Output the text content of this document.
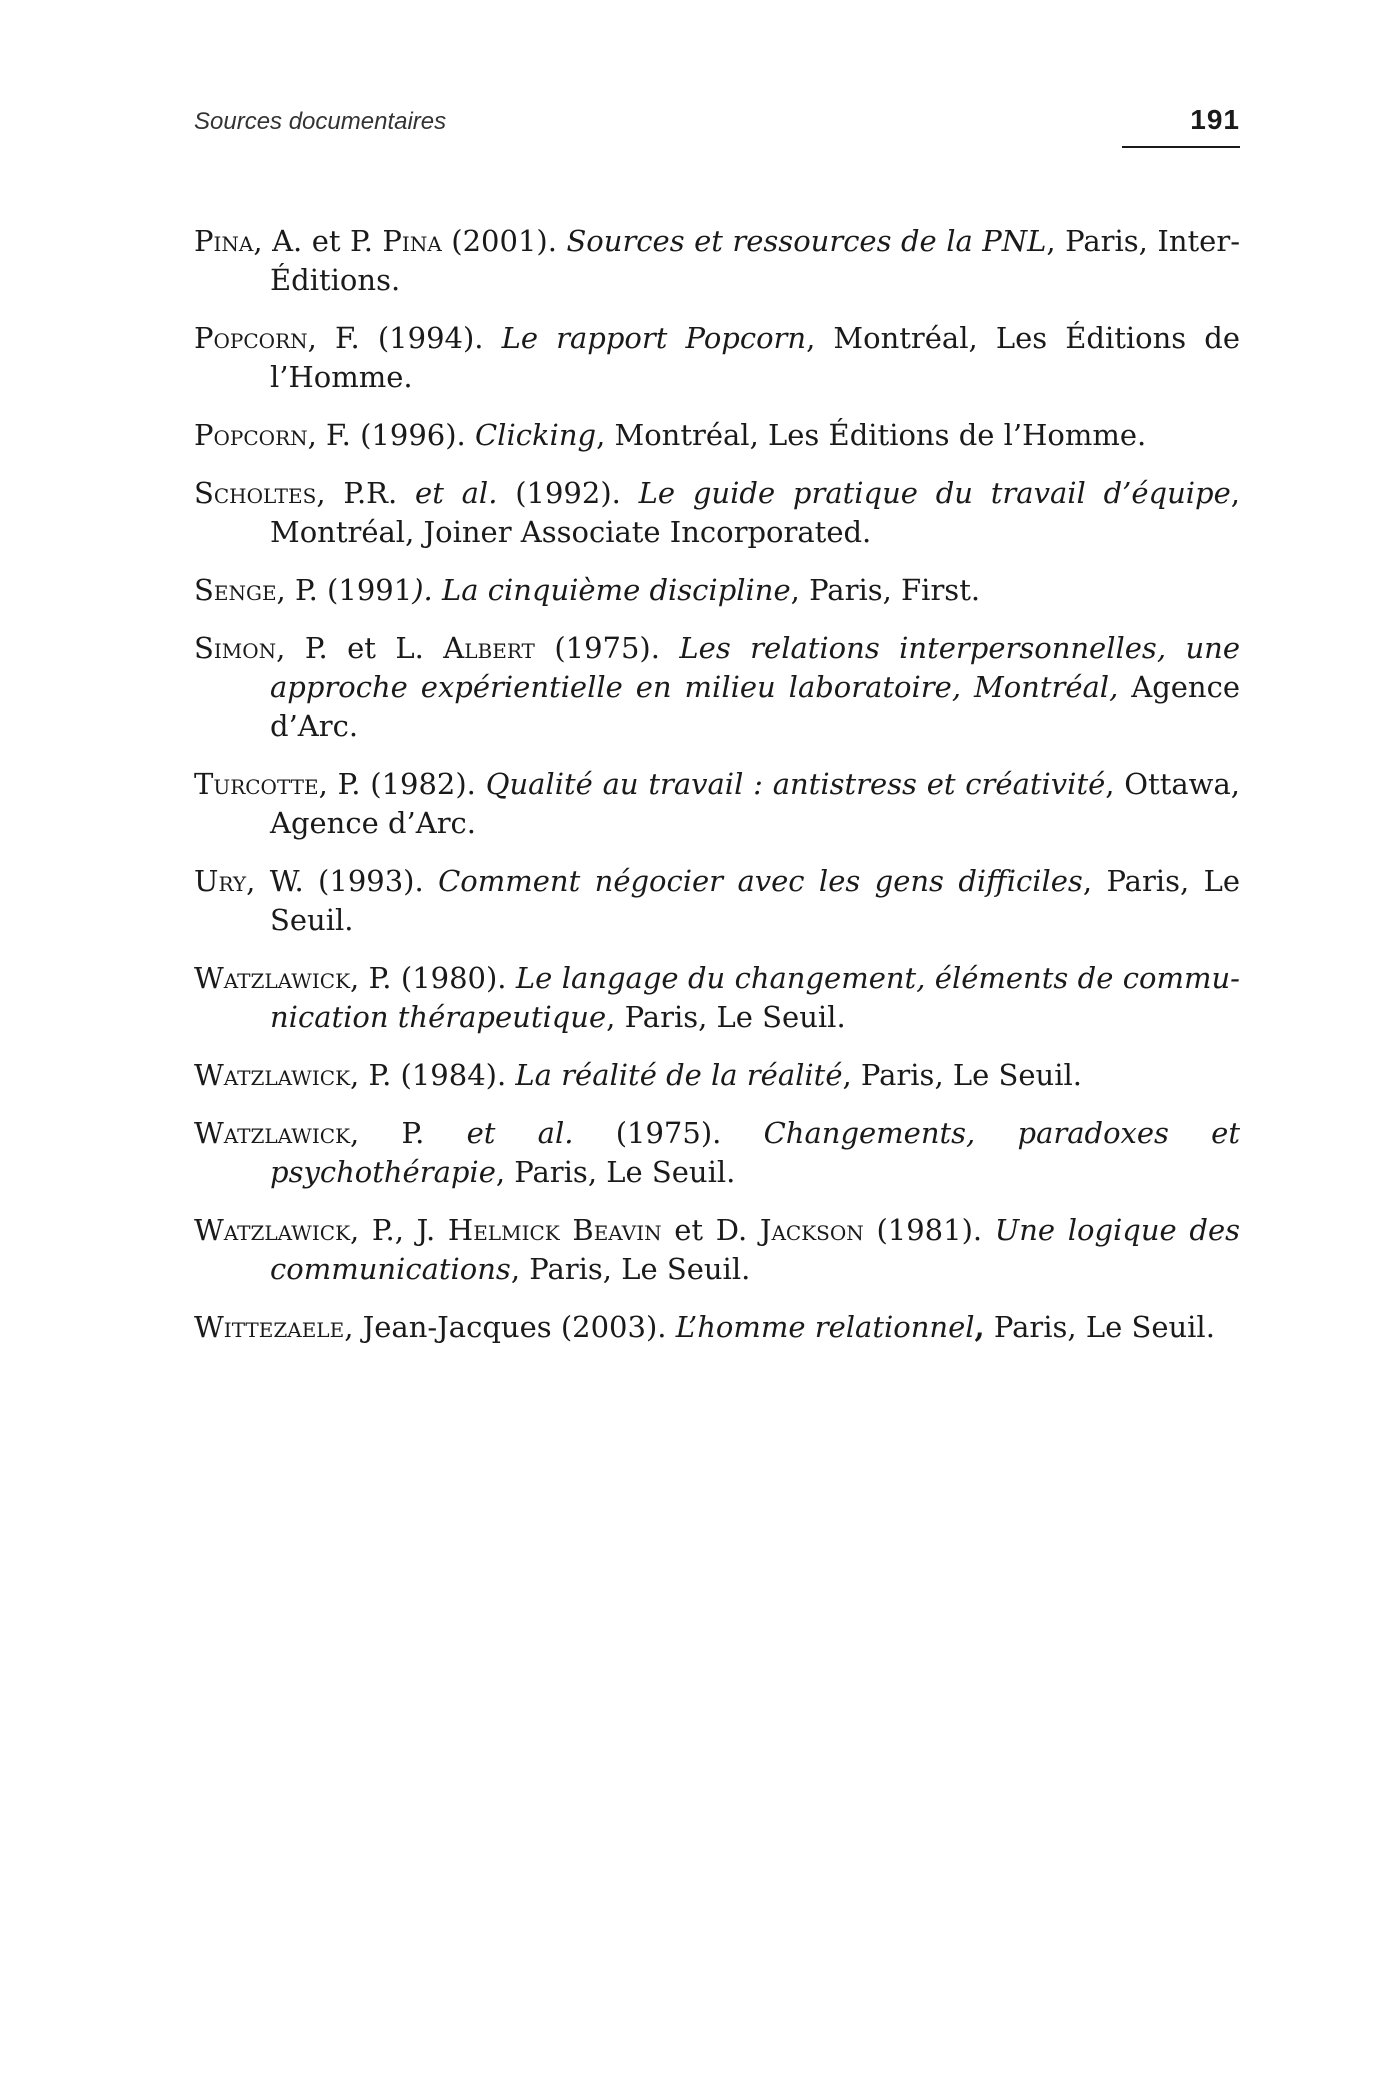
Sources documentaires	191

Pina, A. et P. Pina (2001). Sources et ressources de la PNL, Paris, Inter-Éditions.

Popcorn, F. (1994). Le rapport Popcorn, Montréal, Les Éditions de l’Homme.

Popcorn, F. (1996). Clicking, Montréal, Les Éditions de l’Homme.

Scholtes, P.R. et al. (1992). Le guide pratique du travail d’équipe, Montréal, Joiner Associate Incorporated.

Senge, P. (1991). La cinquième discipline, Paris, First.

Simon, P. et L. Albert (1975). Les relations interpersonnelles, une approche expérientielle en milieu laboratoire, Montréal, Agence d’Arc.

Turcotte, P. (1982). Qualité au travail : antistress et créativité, Ottawa, Agence d’Arc.

Ury, W. (1993). Comment négocier avec les gens difficiles, Paris, Le Seuil.

Watzlawick, P. (1980). Le langage du changement, éléments de communication thérapeutique, Paris, Le Seuil.

Watzlawick, P. (1984). La réalité de la réalité, Paris, Le Seuil.

Watzlawick, P. et al. (1975). Changements, paradoxes et psychothérapie, Paris, Le Seuil.

Watzlawick, P., J. Helmick Beavin et D. Jackson (1981). Une logique des communications, Paris, Le Seuil.

Wittezaele, Jean-Jacques (2003). L’homme relationnel, Paris, Le Seuil.
